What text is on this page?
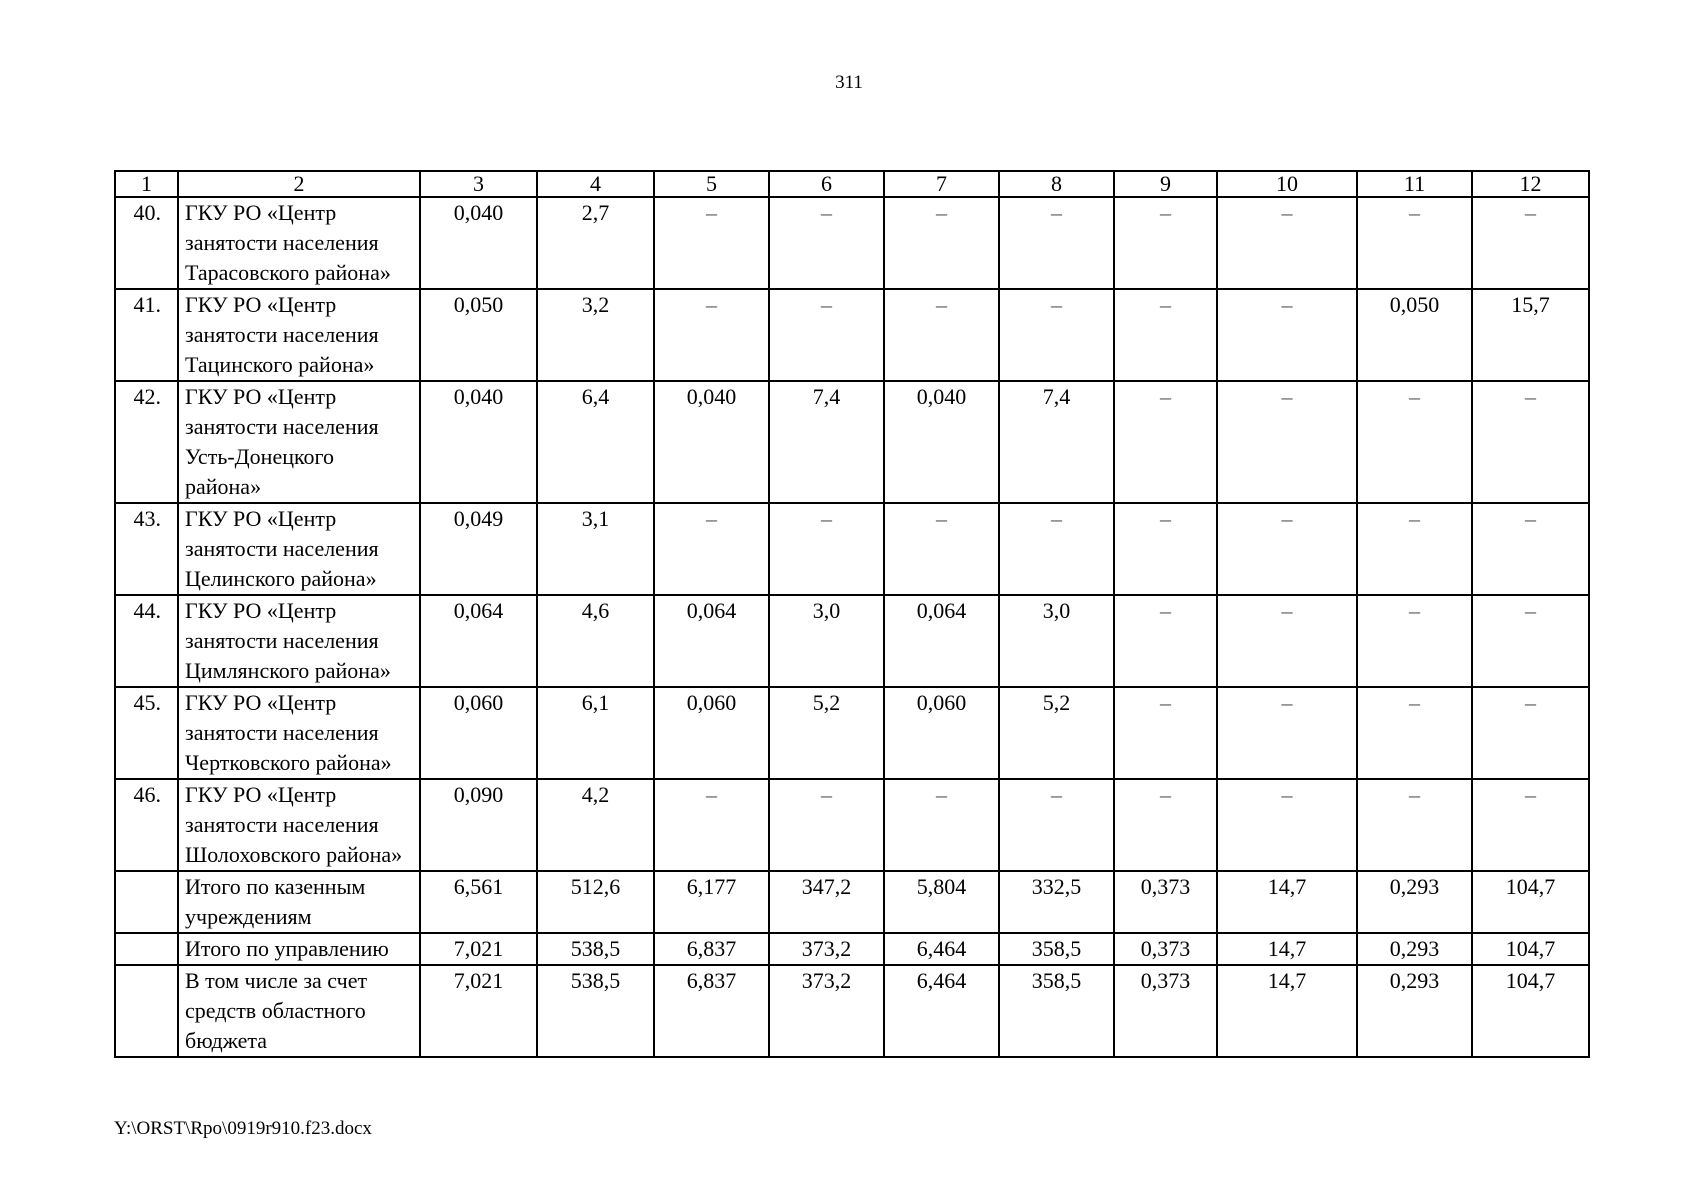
311
1	2	3	4	5	6	7	8	9	10	11	12
40.	ГКУ РО «Центр занятости населения Тарасовского района»	0,040	2,7	–	–	–	–	–	–	–	–
41.	ГКУ РО «Центр занятости населения Тацинского района»	0,050	3,2	–	–	–	–	–	–	0,050	15,7
42.	ГКУ РО «Центр занятости населения Усть-Донецкого района»	0,040	6,4	0,040	7,4	0,040	7,4	–	–	–	–
43.	ГКУ РО «Центр занятости населения Целинского района»	0,049	3,1	–	–	–	–	–	–	–	–
44.	ГКУ РО «Центр занятости населения Цимлянского района»	0,064	4,6	0,064	3,0	0,064	3,0	–	–	–	–
45.	ГКУ РО «Центр занятости населения Чертковского района»	0,060	6,1	0,060	5,2	0,060	5,2	–	–	–	–
46.	ГКУ РО «Центр занятости населения Шолоховского района»	0,090	4,2	–	–	–	–	–	–	–	–
	Итого по казенным учреждениям	6,561	512,6	6,177	347,2	5,804	332,5	0,373	14,7	0,293	104,7
	Итого по управлению	7,021	538,5	6,837	373,2	6,464	358,5	0,373	14,7	0,293	104,7
	В том числе за счет средств областного бюджета	7,021	538,5	6,837	373,2	6,464	358,5	0,373	14,7	0,293	104,7
Y:\ORST\Rpo\0919r910.f23.docx
